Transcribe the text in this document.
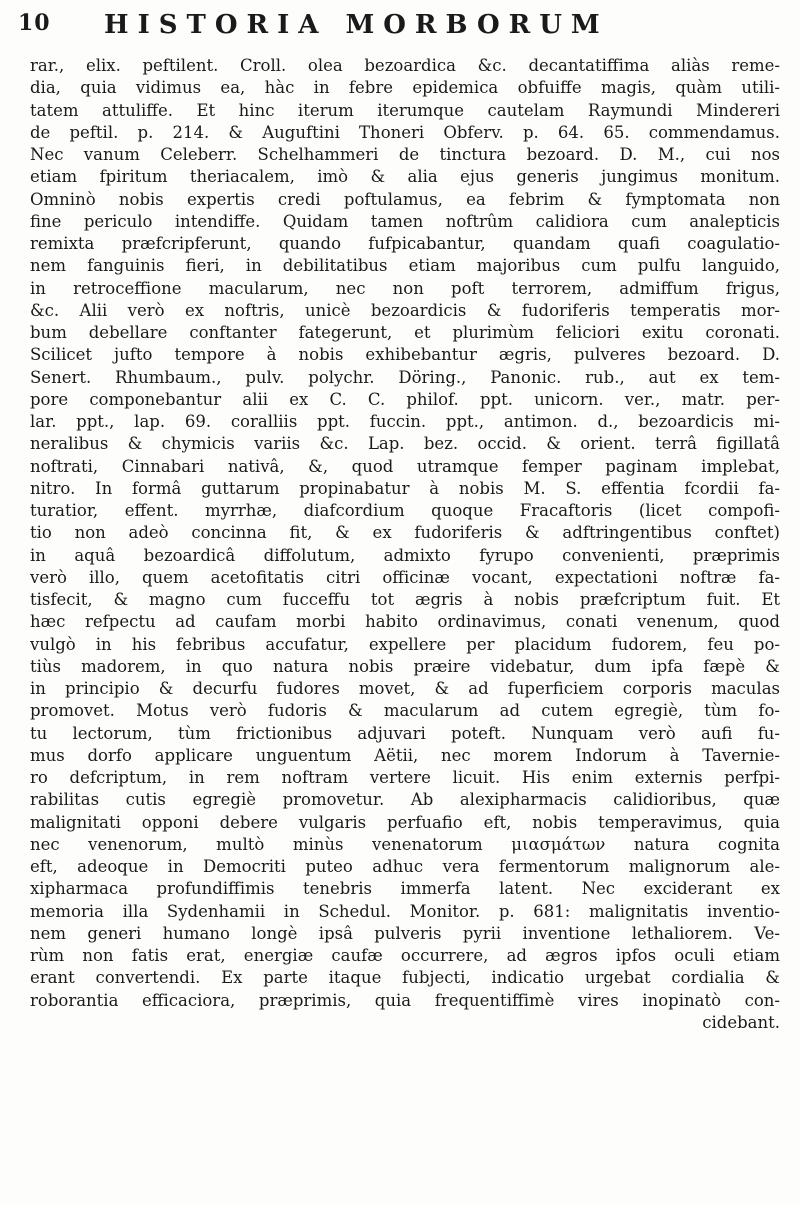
10 HISTORIA MORBORUM
rar., elix. peftilent. Croll. olea bezoardica &c. decantatiffima aliàs reme-
dia, quia vidimus ea, hàc in febre epidemica obfuiffe magis, quàm utili-
tatem attuliffe. Et hinc iterum iterumque cautelam Raymundi Mindereri
de peftil. p. 214. & Auguftini Thoneri Obferv. p. 64. 65. commendamus.
Nec vanum Celeberr. Schelhammeri de tinctura bezoard. D. M., cui nos
etiam fpiritum theriacalem, imò & alia ejus generis jungimus monitum.
Omninò nobis expertis credi poftulamus, ea febrim & fymptomata non
fine periculo intendiffe. Quidam tamen noftrûm calidiora cum analepticis
remixta præfcripferunt, quando fufpicabantur, quandam quafi coagulatio-
nem fanguinis fieri, in debilitatibus etiam majoribus cum pulfu languido,
in retroceffione macularum, nec non poft terrorem, admiffum frigus,
&c. Alii verò ex noftris, unicè bezoardicis & fudoriferis temperatis mor-
bum debellare conftanter fategerunt, et plurimùm feliciori exitu coronati.
Scilicet jufto tempore à nobis exhibebantur ægris, pulveres bezoard. D.
Senert. Rhumbaum., pulv. polychr. Döring., Panonic. rub., aut ex tem-
pore componebantur alii ex C. C. philof. ppt. unicorn. ver., matr. per-
lar. ppt., lap. 69. coralliis ppt. fuccin. ppt., antimon. d., bezoardicis mi-
neralibus & chymicis variis &c. Lap. bez. occid. & orient. terrâ figillatâ
noftrati, Cinnabari nativâ, &, quod utramque femper paginam implebat,
nitro. In formâ guttarum propinabatur à nobis M. S. effentia fcordii fa-
turatior, effent. myrrhæ, diafcordium quoque Fracaftoris (licet compofi-
tio non adeò concinna fit, & ex fudoriferis & adftringentibus conftet)
in aquâ bezoardicâ diffolutum, admixto fyrupo convenienti, præprimis
verò illo, quem acetofitatis citri officinæ vocant, expectationi noftræ fa-
tisfecit, & magno cum fucceffu tot ægris à nobis præfcriptum fuit. Et
hæc refpectu ad caufam morbi habito ordinavimus, conati venenum, quod
vulgò in his febribus accufatur, expellere per placidum fudorem, feu po-
tiùs madorem, in quo natura nobis præire videbatur, dum ipfa fæpè &
in principio & decurfu fudores movet, & ad fuperficiem corporis maculas
promovet. Motus verò fudoris & macularum ad cutem egregiè, tùm fo-
tu lectorum, tùm frictionibus adjuvari poteft. Nunquam verò aufi fu-
mus dorfo applicare unguentum Aëtii, nec morem Indorum à Tavernie-
ro defcriptum, in rem noftram vertere licuit. His enim externis perfpi-
rabilitas cutis egregiè promovetur. Ab alexipharmacis calidioribus, quæ
malignitati opponi debere vulgaris perfuafio eft, nobis temperavimus, quia
nec venenorum, multò minùs venenatorum μιασμάτων natura cognita
eft, adeoque in Democriti puteo adhuc vera fermentorum malignorum ale-
xipharmaca profundiffimis tenebris immerfa latent. Nec exciderant ex
memoria illa Sydenhamii in Schedul. Monitor. p. 681: malignitatis inventio-
nem generi humano longè ipsâ pulveris pyrii inventione lethaliorem. Ve-
rùm non fatis erat, energiæ caufæ occurrere, ad ægros ipfos oculi etiam
erant convertendi. Ex parte itaque fubjecti, indicatio urgebat cordialia &
roborantia efficaciora, præprimis, quia frequentiffimè vires inopinatò con-
cidebant.
